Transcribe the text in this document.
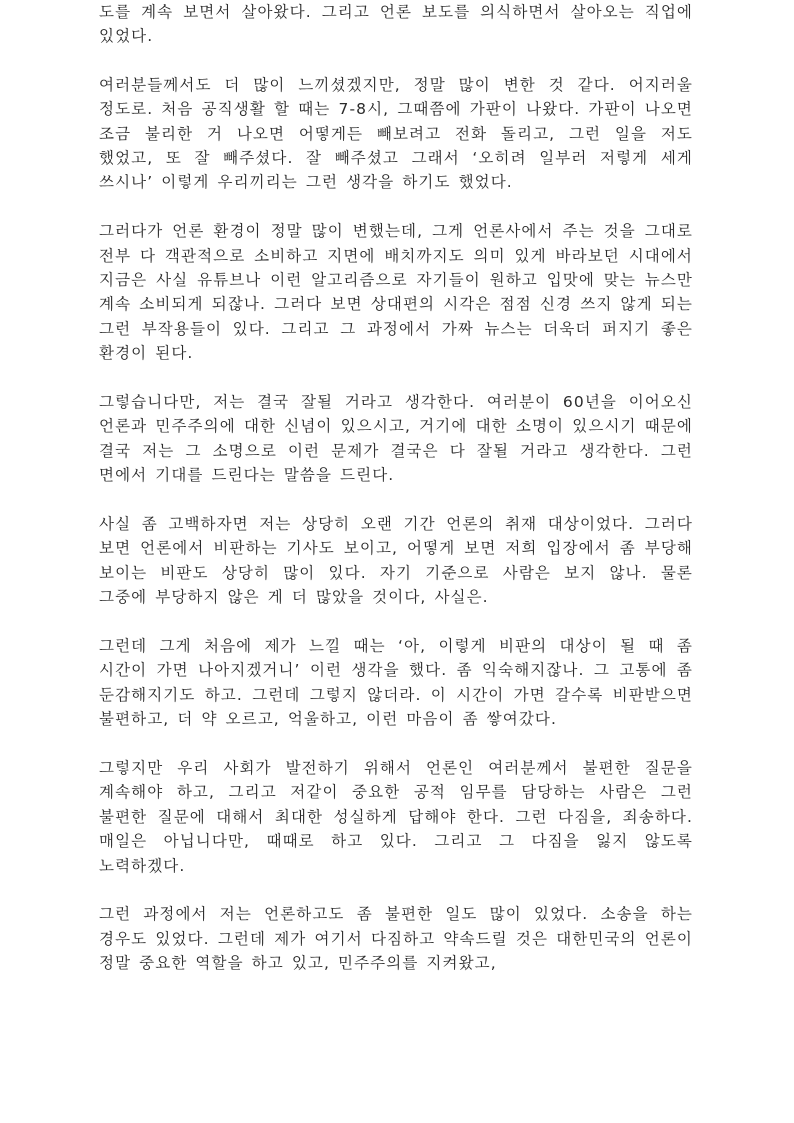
도를 계속 보면서 살아왔다. 그리고 언론 보도를 의식하면서 살아오는 직업에 있었다.

여러분들께서도 더 많이 느끼셨겠지만, 정말 많이 변한 것 같다. 어지러울 정도로. 처음 공직생활 할 때는 7-8시, 그때쯤에 가판이 나왔다. 가판이 나오면 조금 불리한 거 나오면 어떻게든 빼보려고 전화 돌리고, 그런 일을 저도 했었고, 또 잘 빼주셨다. 잘 빼주셨고 그래서 ‘오히려 일부러 저렇게 세게 쓰시나’ 이렇게 우리끼리는 그런 생각을 하기도 했었다.

그러다가 언론 환경이 정말 많이 변했는데, 그게 언론사에서 주는 것을 그대로 전부 다 객관적으로 소비하고 지면에 배치까지도 의미 있게 바라보던 시대에서 지금은 사실 유튜브나 이런 알고리즘으로 자기들이 원하고 입맛에 맞는 뉴스만 계속 소비되게 되잖나. 그러다 보면 상대편의 시각은 점점 신경 쓰지 않게 되는 그런 부작용들이 있다. 그리고 그 과정에서 가짜 뉴스는 더욱더 퍼지기 좋은 환경이 된다.

그렇습니다만, 저는 결국 잘될 거라고 생각한다. 여러분이 60년을 이어오신 언론과 민주주의에 대한 신념이 있으시고, 거기에 대한 소명이 있으시기 때문에 결국 저는 그 소명으로 이런 문제가 결국은 다 잘될 거라고 생각한다. 그런 면에서 기대를 드린다는 말씀을 드린다.

사실 좀 고백하자면 저는 상당히 오랜 기간 언론의 취재 대상이었다. 그러다 보면 언론에서 비판하는 기사도 보이고, 어떻게 보면 저희 입장에서 좀 부당해 보이는 비판도 상당히 많이 있다. 자기 기준으로 사람은 보지 않나. 물론 그중에 부당하지 않은 게 더 많았을 것이다, 사실은.

그런데 그게 처음에 제가 느낄 때는 ‘아, 이렇게 비판의 대상이 될 때 좀 시간이 가면 나아지겠거니’ 이런 생각을 했다. 좀 익숙해지잖나. 그 고통에 좀 둔감해지기도 하고. 그런데 그렇지 않더라. 이 시간이 가면 갈수록 비판받으면 불편하고, 더 약 오르고, 억울하고, 이런 마음이 좀 쌓여갔다.

그렇지만 우리 사회가 발전하기 위해서 언론인 여러분께서 불편한 질문을 계속해야 하고, 그리고 저같이 중요한 공적 임무를 담당하는 사람은 그런 불편한 질문에 대해서 최대한 성실하게 답해야 한다. 그런 다짐을, 죄송하다. 매일은 아닙니다만, 때때로 하고 있다. 그리고 그 다짐을 잃지 않도록 노력하겠다.

그런 과정에서 저는 언론하고도 좀 불편한 일도 많이 있었다. 소송을 하는 경우도 있었다. 그런데 제가 여기서 다짐하고 약속드릴 것은 대한민국의 언론이 정말 중요한 역할을 하고 있고, 민주주의를 지켜왔고,
